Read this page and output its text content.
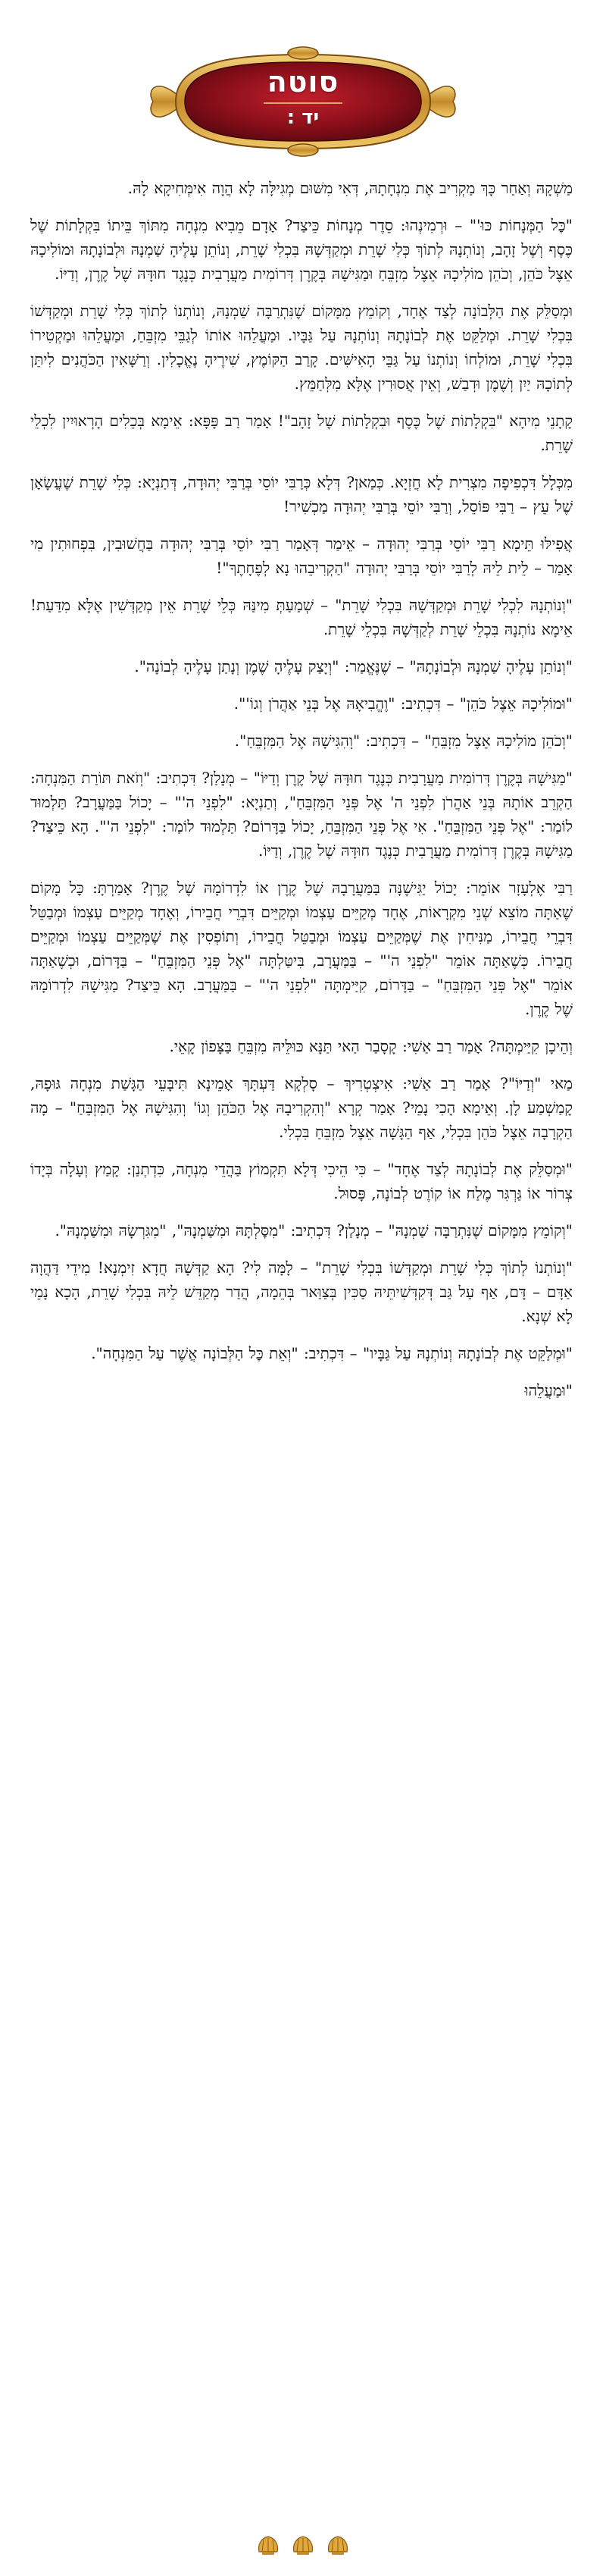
סוטה
יד :

מַשְׁקָהּ וְאַחַר כָּךְ מַקְרִיב אֶת מִנְחָתָהּ, דְּאִי מִשּׁוּם מְגִילָּה לָא הֲוָה אִימְּחִיקָא לָהּ.

"כׇּל הַמְּנָחוֹת כּוּ'" – וּרְמִינְהוּ: סֵדֶר מְנָחוֹת כֵּיצַד? אָדָם מֵבִיא מִנְחָה מִתּוֹךְ בֵּיתוֹ בִּקְלָתוֹת שֶׁל כֶּסֶף וְשֶׁל זָהָב, וְנוֹתְנָהּ לְתוֹךְ כְּלִי שָׁרֵת וּמְקַדְּשָׁהּ בִּכְלִי שָׁרֵת, וְנוֹתֵן עָלֶיהָ שַׁמְנָהּ וּלְבוֹנָתָהּ וּמוֹלִיכָהּ אֵצֶל כֹּהֵן, וְכֹהֵן מוֹלִיכָהּ אֵצֶל מִזְבֵּחַ וּמַגִּישָׁהּ בְּקֶרֶן דְּרוֹמִית מַעֲרָבִית כְּנֶגֶד חוּדָּהּ שֶׁל קֶרֶן, וְדַיּוֹ.

וּמְסַלֵּק אֶת הַלְּבוֹנָה לְצַד אֶחָד, וְקוֹמֵץ מִמָּקוֹם שֶׁנִּתְרַבָּה שַׁמְנָהּ, וְנוֹתְנוֹ לְתוֹךְ כְּלִי שָׁרֵת וּמְקַדְּשׁוֹ בִּכְלִי שָׁרֵת. וּמְלַקֵּט אֶת לְבוֹנָתָהּ וְנוֹתְנָהּ עַל גַּבָּיו. וּמַעֲלֵהוּ אוֹתוֹ לְגַבֵּי מִזְבֵּחַ, וּמַעֲלֵהוּ וּמַקְטִירוֹ בִּכְלִי שָׁרֵת, וּמוֹלְחוֹ וְנוֹתְנוֹ עַל גַּבֵּי הָאִישִּׁים. קָרַב הַקּוֹמֶץ, שִׁירֶיהָ נֶאֱכָלִין. וְרַשָּׁאִין הַכֹּהֲנִים לִיתֵּן לְתוֹכָהּ יַיִן וְשֶׁמֶן וּדְבַשׁ, וְאֵין אֲסוּרִין אֶלָּא מִלְּחַמֵּץ.

קָתָנֵי מִיהָא "בִּקְלָתוֹת שֶׁל כֶּסֶף וּבִקְלָתוֹת שֶׁל זָהָב"! אָמַר רַב פָּפָּא: אֵימָא בְּכֵלִים הָרְאוּיִין לִכְלֵי שָׁרֵת.

מִכְּלָל דִּכְפִיפָה מִצְרִית לָא חֲזְיָא. כְּמַאן? דְּלָא כְּרַבִּי יוֹסֵי בְּרַבִּי יְהוּדָה, דְּתַנְיָא: כְּלִי שָׁרֵת שֶׁעֲשָׂאָן שֶׁל עֵץ – רַבִּי פּוֹסֵל, וְרַבִּי יוֹסֵי בְּרַבִּי יְהוּדָה מַכְשִׁיר!

אֲפִילּוּ תֵּימָא רַבִּי יוֹסֵי בְּרַבִּי יְהוּדָה – אֵימַר דְּאָמַר רַבִּי יוֹסֵי בְּרַבִּי יְהוּדָה בַּחֲשׁוּבִין, בִּפְחוּתִין מִי אָמַר – לֵית לֵיהּ לְרַבִּי יוֹסֵי בְּרַבִּי יְהוּדָה "הַקְרִיבֵהוּ נָא לְפֶחָתֶךָ"!

"וְנוֹתְנָהּ לִכְלִי שָׁרֵת וּמְקַדְּשָׁהּ בִּכְלִי שָׁרֵת" – שְׁמַעַתְּ מִינַּהּ כְּלֵי שָׁרֵת אֵין מְקַדְּשִׁין אֶלָּא מִדַּעַת! אֵימָא נוֹתְנָהּ בִּכְלֵי שָׁרֵת לְקַדְּשָׁהּ בִּכְלֵי שָׁרֵת.

"וְנוֹתֵן עָלֶיהָ שַׁמְנָהּ וּלְבוֹנָתָהּ" – שֶׁנֶּאֱמַר: "וְיָצַק עָלֶיהָ שֶׁמֶן וְנָתַן עָלֶיהָ לְבוֹנָה".

"וּמוֹלִיכָהּ אֵצֶל כֹּהֵן" – דִּכְתִיב: "וֶהֱבִיאָהּ אֶל בְּנֵי אַהֲרֹן וְגוֹ'".

"וְכֹהֵן מוֹלִיכָהּ אֵצֶל מִזְבֵּחַ" – דִּכְתִיב: "וְהִגִּישָׁהּ אֶל הַמִּזְבֵּחַ".

"מַגִּישָׁהּ בְּקֶרֶן דְּרוֹמִית מַעֲרָבִית כְּנֶגֶד חוּדָּהּ שֶׁל קֶרֶן וְדַיּוֹ" – מְנָלַן? דִּכְתִיב: "וְזֹאת תּוֹרַת הַמִּנְחָה: הַקְרֵב אוֹתָהּ בְּנֵי אַהֲרֹן לִפְנֵי ה' אֶל פְּנֵי הַמִּזְבֵּחַ", וְתַנְיָא: "לִפְנֵי ה'" – יָכוֹל בַּמַּעֲרָב? תַּלְמוּד לוֹמַר: "אֶל פְּנֵי הַמִּזְבֵּחַ". אִי אֶל פְּנֵי הַמִּזְבֵּחַ, יָכוֹל בַּדָּרוֹם? תַּלְמוּד לוֹמַר: "לִפְנֵי ה'". הָא כֵּיצַד? מַגִּישָׁהּ בְּקֶרֶן דְּרוֹמִית מַעֲרָבִית כְּנֶגֶד חוּדָּהּ שֶׁל קֶרֶן, וְדַיּוֹ.

רַבִּי אֶלְעָזָר אוֹמֵר: יָכוֹל יַגִּישֶׁנָּה בַּמַּעֲרָבָהּ שֶׁל קֶרֶן אוֹ לִדְרוֹמָהּ שֶׁל קֶרֶן? אָמַרְתָּ: כׇּל מָקוֹם שֶׁאַתָּה מוֹצֵא שְׁנֵי מִקְרָאוֹת, אֶחָד מְקַיֵּים עַצְמוֹ וּמְקַיֵּים דִּבְרֵי חֲבֵירוֹ, וְאֶחָד מְקַיֵּים עַצְמוֹ וּמְבַטֵּל דִּבְרֵי חֲבֵירוֹ, מַנִּיחִין אֶת שֶׁמְּקַיֵּים עַצְמוֹ וּמְבַטֵּל חֲבֵירוֹ, וְתוֹפְסִין אֶת שֶׁמְּקַיֵּים עַצְמוֹ וּמְקַיֵּים חֲבֵירוֹ. כְּשֶׁאַתָּה אוֹמֵר "לִפְנֵי ה'" – בַּמַּעֲרָב, בִּיטַּלְתָּה "אֶל פְּנֵי הַמִּזְבֵּחַ" – בַּדָּרוֹם, וּכְשֶׁאַתָּה אוֹמֵר "אֶל פְּנֵי הַמִּזְבֵּחַ" – בַּדָּרוֹם, קִיַּימְתָּה "לִפְנֵי ה'" – בַּמַּעֲרָב. הָא כֵּיצַד? מַגִּישָׁהּ לִדְרוֹמָהּ שֶׁל קֶרֶן.

וְהֵיכָן קִיַּימְתָּה? אָמַר רַב אַשִׁי: קָסָבַר הַאי תַּנָּא כּוּלֵּיהּ מִזְבֵּחַ בַּצָּפוֹן קָאֵי.

מַאי "וְדַיּוֹ"? אָמַר רַב אַשִׁי: אִיצְטְרִיךְ – סָלְקָא דַּעְתָּךְ אָמֵינָא תִּיבָּעֵי הַגָּשַׁת מִנְחָה גּוּפָהּ, קָמַשְׁמַע לָן. וְאֵימָא הָכִי נָמֵי? אָמַר קְרָא "וְהִקְרִיבָהּ אֶל הַכֹּהֵן וְגוֹ' וְהִגִּישָׁהּ אֶל הַמִּזְבֵּחַ" – מָה הַקְרָבָה אֵצֶל כֹּהֵן בִּכְלִי, אַף הַגָּשָׁה אֵצֶל מִזְבֵּחַ בִּכְלִי.

"וּמְסַלֵּק אֶת לְבוֹנָתָהּ לְצַד אֶחָד" – כִּי הֵיכִי דְּלָא תִּקְמוֹץ בַּהֲדֵי מִנְחָה, כִּדְתְנַן: קָמַץ וְעָלָה בְּיָדוֹ צְרוֹר אוֹ גַּרְגִּר מֶלַח אוֹ קוֹרֶט לְבוֹנָה, פָּסוּל.

"וְקוֹמֵץ מִמָּקוֹם שֶׁנִּתְרַבָּה שַׁמְנָהּ" – מְנָלַן? דִּכְתִיב: "מִסׇּלְתָּהּ וּמִשַּׁמְנָהּ", "מִגִּרְשָׂהּ וּמִשַּׁמְנָהּ".

"וְנוֹתְנוֹ לְתוֹךְ כְּלִי שָׁרֵת וּמְקַדְּשׁוֹ בִּכְלִי שָׁרֵת" – לָמָּה לִי? הָא קַדְּשָׁהּ חֲדָא זִימְנָא! מִידֵי דַּהֲוָה אַדָּם – דָּם, אַף עַל גַּב דְּקִדְּשִׁיתֵּיהּ סַכִּין בְּצַוַּאר בְּהֵמָה, הֲדַר מְקַדֵּשׁ לֵיהּ בִּכְלִי שָׁרֵת, הָכָא נָמֵי לָא שְׁנָא.

"וּמְלַקֵּט אֶת לְבוֹנָתָהּ וְנוֹתְנָהּ עַל גַּבָּיו" – דִּכְתִיב: "וְאֵת כׇּל הַלְּבוֹנָה אֲשֶׁר עַל הַמִּנְחָה".

"וּמַעֲלֵהוּ
